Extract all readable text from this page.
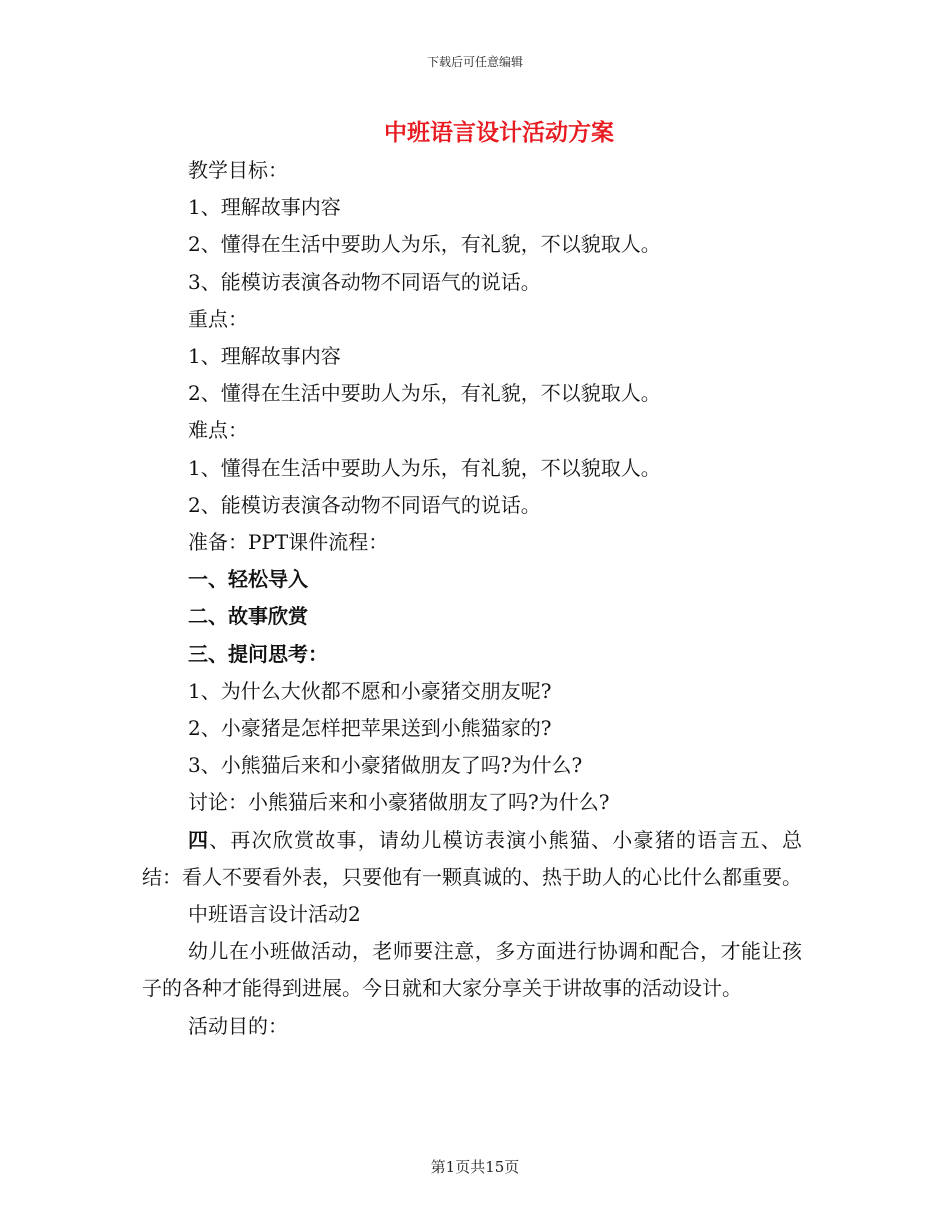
下载后可任意编辑
中班语言设计活动方案

教学目标：

1、理解故事内容

2、懂得在生活中要助人为乐，有礼貌，不以貌取人。

3、能模访表演各动物不同语气的说话。

重点：

1、理解故事内容

2、懂得在生活中要助人为乐，有礼貌，不以貌取人。

难点：

1、懂得在生活中要助人为乐，有礼貌，不以貌取人。

2、能模访表演各动物不同语气的说话。

准备：PPT课件流程：

一、轻松导入

二、故事欣赏

三、提问思考：

1、为什么大伙都不愿和小豪猪交朋友呢?

2、小豪猪是怎样把苹果送到小熊猫家的?

3、小熊猫后来和小豪猪做朋友了吗?为什么?

讨论：小熊猫后来和小豪猪做朋友了吗?为什么?

四、再次欣赏故事，请幼儿模访表演小熊猫、小豪猪的语言五、总结：看人不要看外表，只要他有一颗真诚的、热于助人的心比什么都重要。

中班语言设计活动2

幼儿在小班做活动，老师要注意，多方面进行协调和配合，才能让孩子的各种才能得到进展。今日就和大家分享关于讲故事的活动设计。

活动目的：

第1页共15页
